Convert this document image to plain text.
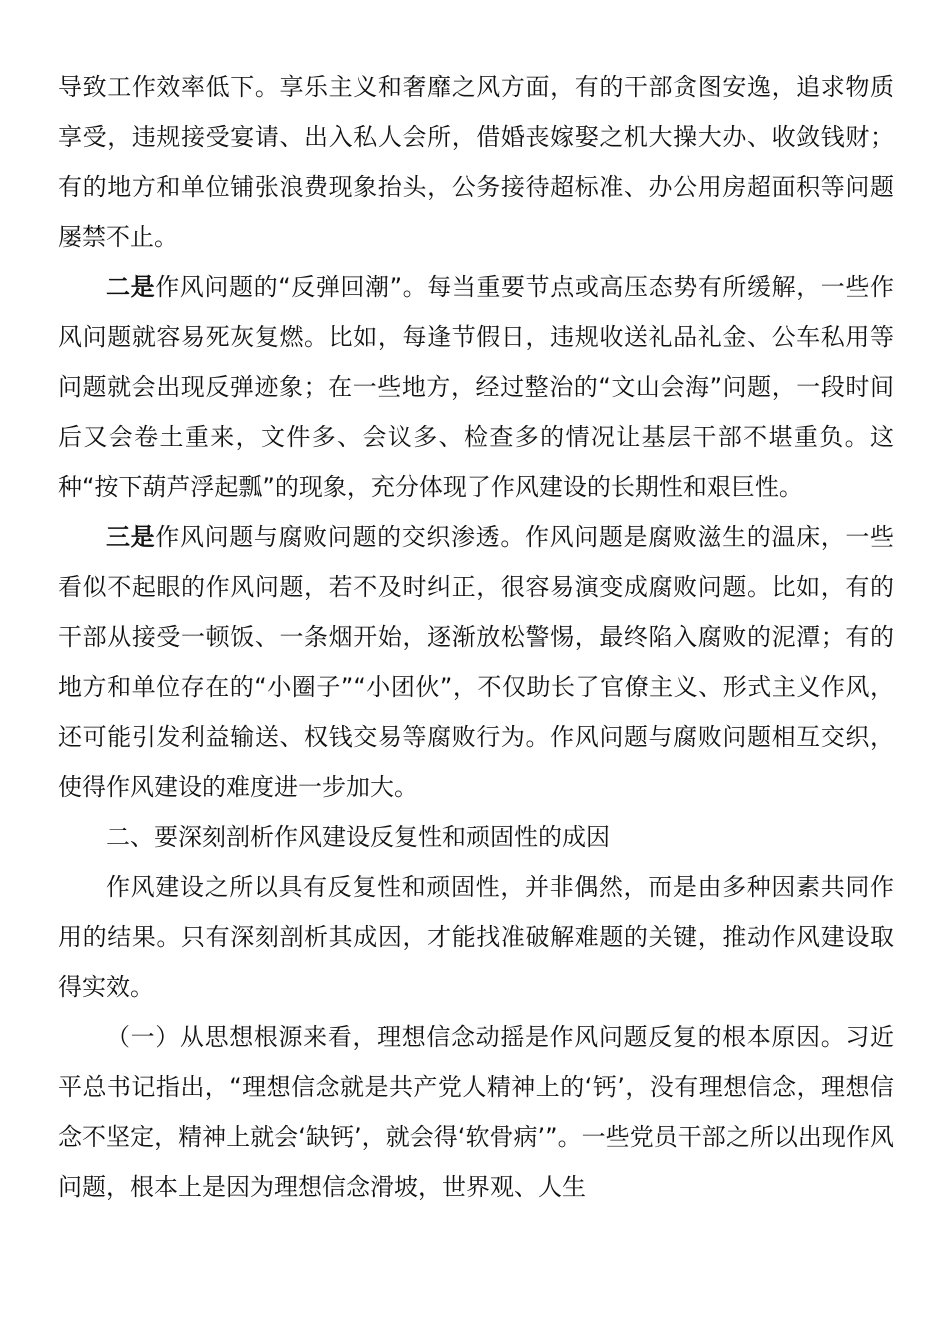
导致工作效率低下。享乐主义和奢靡之风方面，有的干部贪图安逸，追求物质享受，违规接受宴请、出入私人会所，借婚丧嫁娶之机大操大办、收敛钱财；有的地方和单位铺张浪费现象抬头，公务接待超标准、办公用房超面积等问题屡禁不止。

二是作风问题的“反弹回潮”。每当重要节点或高压态势有所缓解，一些作风问题就容易死灰复燃。比如，每逢节假日，违规收送礼品礼金、公车私用等问题就会出现反弹迹象；在一些地方，经过整治的“文山会海”问题，一段时间后又会卷土重来，文件多、会议多、检查多的情况让基层干部不堪重负。这种“按下葫芦浮起瓢”的现象，充分体现了作风建设的长期性和艰巨性。

三是作风问题与腐败问题的交织渗透。作风问题是腐败滋生的温床，一些看似不起眼的作风问题，若不及时纠正，很容易演变成腐败问题。比如，有的干部从接受一顿饭、一条烟开始，逐渐放松警惕，最终陷入腐败的泥潭；有的地方和单位存在的“小圈子”“小团伙”，不仅助长了官僚主义、形式主义作风，还可能引发利益输送、权钱交易等腐败行为。作风问题与腐败问题相互交织，使得作风建设的难度进一步加大。

二、要深刻剖析作风建设反复性和顽固性的成因

作风建设之所以具有反复性和顽固性，并非偶然，而是由多种因素共同作用的结果。只有深刻剖析其成因，才能找准破解难题的关键，推动作风建设取得实效。

（一）从思想根源来看，理想信念动摇是作风问题反复的根本原因。习近平总书记指出，“理想信念就是共产党人精神上的‘钙’，没有理想信念，理想信念不坚定，精神上就会‘缺钙’，就会得‘软骨病’”。一些党员干部之所以出现作风问题，根本上是因为理想信念滑坡，世界观、人生
